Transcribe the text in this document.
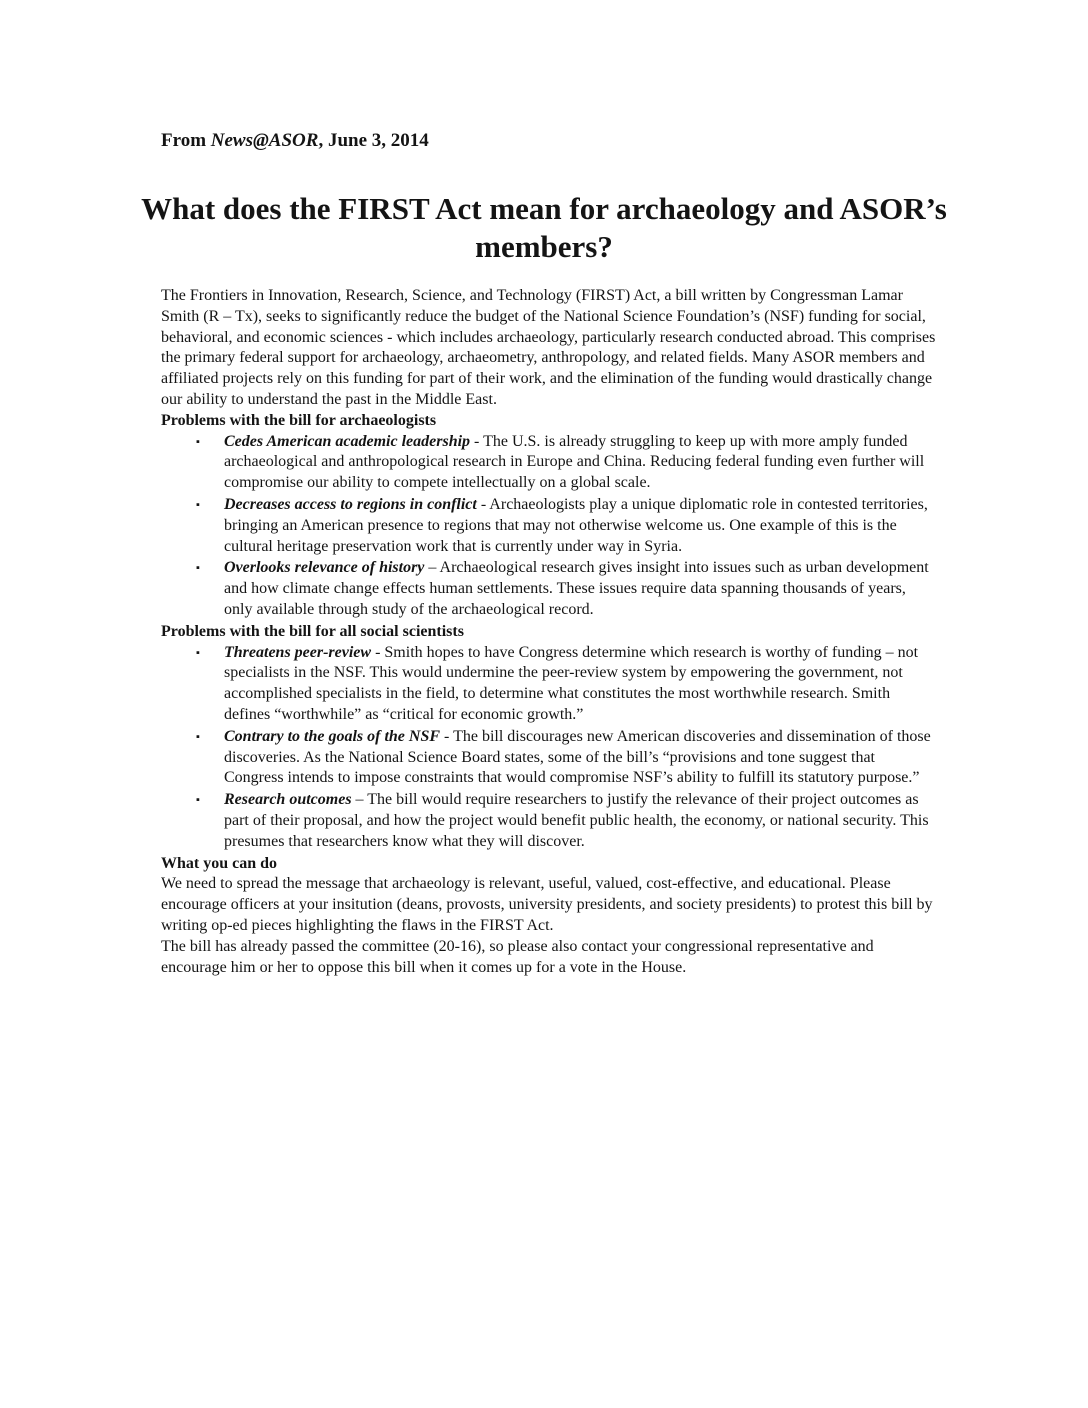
From News@ASOR, June 3, 2014
What does the FIRST Act mean for archaeology and ASOR’s members?

The Frontiers in Innovation, Research, Science, and Technology (FIRST) Act, a bill written by Congressman Lamar Smith (R – Tx), seeks to significantly reduce the budget of the National Science Foundation’s (NSF) funding for social, behavioral, and economic sciences - which includes archaeology, particularly research conducted abroad. This comprises the primary federal support for archaeology, archaeometry, anthropology, and related fields. Many ASOR members and affiliated projects rely on this funding for part of their work, and the elimination of the funding would drastically change our ability to understand the past in the Middle East.

Problems with the bill for archaeologists

▪ Cedes American academic leadership - The U.S. is already struggling to keep up with more amply funded archaeological and anthropological research in Europe and China. Reducing federal funding even further will compromise our ability to compete intellectually on a global scale.
▪ Decreases access to regions in conflict - Archaeologists play a unique diplomatic role in contested territories, bringing an American presence to regions that may not otherwise welcome us. One example of this is the cultural heritage preservation work that is currently under way in Syria.
▪ Overlooks relevance of history – Archaeological research gives insight into issues such as urban development and how climate change effects human settlements. These issues require data spanning thousands of years, only available through study of the archaeological record.

Problems with the bill for all social scientists

▪ Threatens peer-review - Smith hopes to have Congress determine which research is worthy of funding – not specialists in the NSF. This would undermine the peer-review system by empowering the government, not accomplished specialists in the field, to determine what constitutes the most worthwhile research. Smith defines “worthwhile” as “critical for economic growth.”
▪ Contrary to the goals of the NSF - The bill discourages new American discoveries and dissemination of those discoveries. As the National Science Board states, some of the bill’s “provisions and tone suggest that Congress intends to impose constraints that would compromise NSF’s ability to fulfill its statutory purpose.”
▪ Research outcomes – The bill would require researchers to justify the relevance of their project outcomes as part of their proposal, and how the project would benefit public health, the economy, or national security. This presumes that researchers know what they will discover.

What you can do

We need to spread the message that archaeology is relevant, useful, valued, cost-effective, and educational. Please encourage officers at your insitution (deans, provosts, university presidents, and society presidents) to protest this bill by writing op-ed pieces highlighting the flaws in the FIRST Act.

The bill has already passed the committee (20-16), so please also contact your congressional representative and encourage him or her to oppose this bill when it comes up for a vote in the House.
